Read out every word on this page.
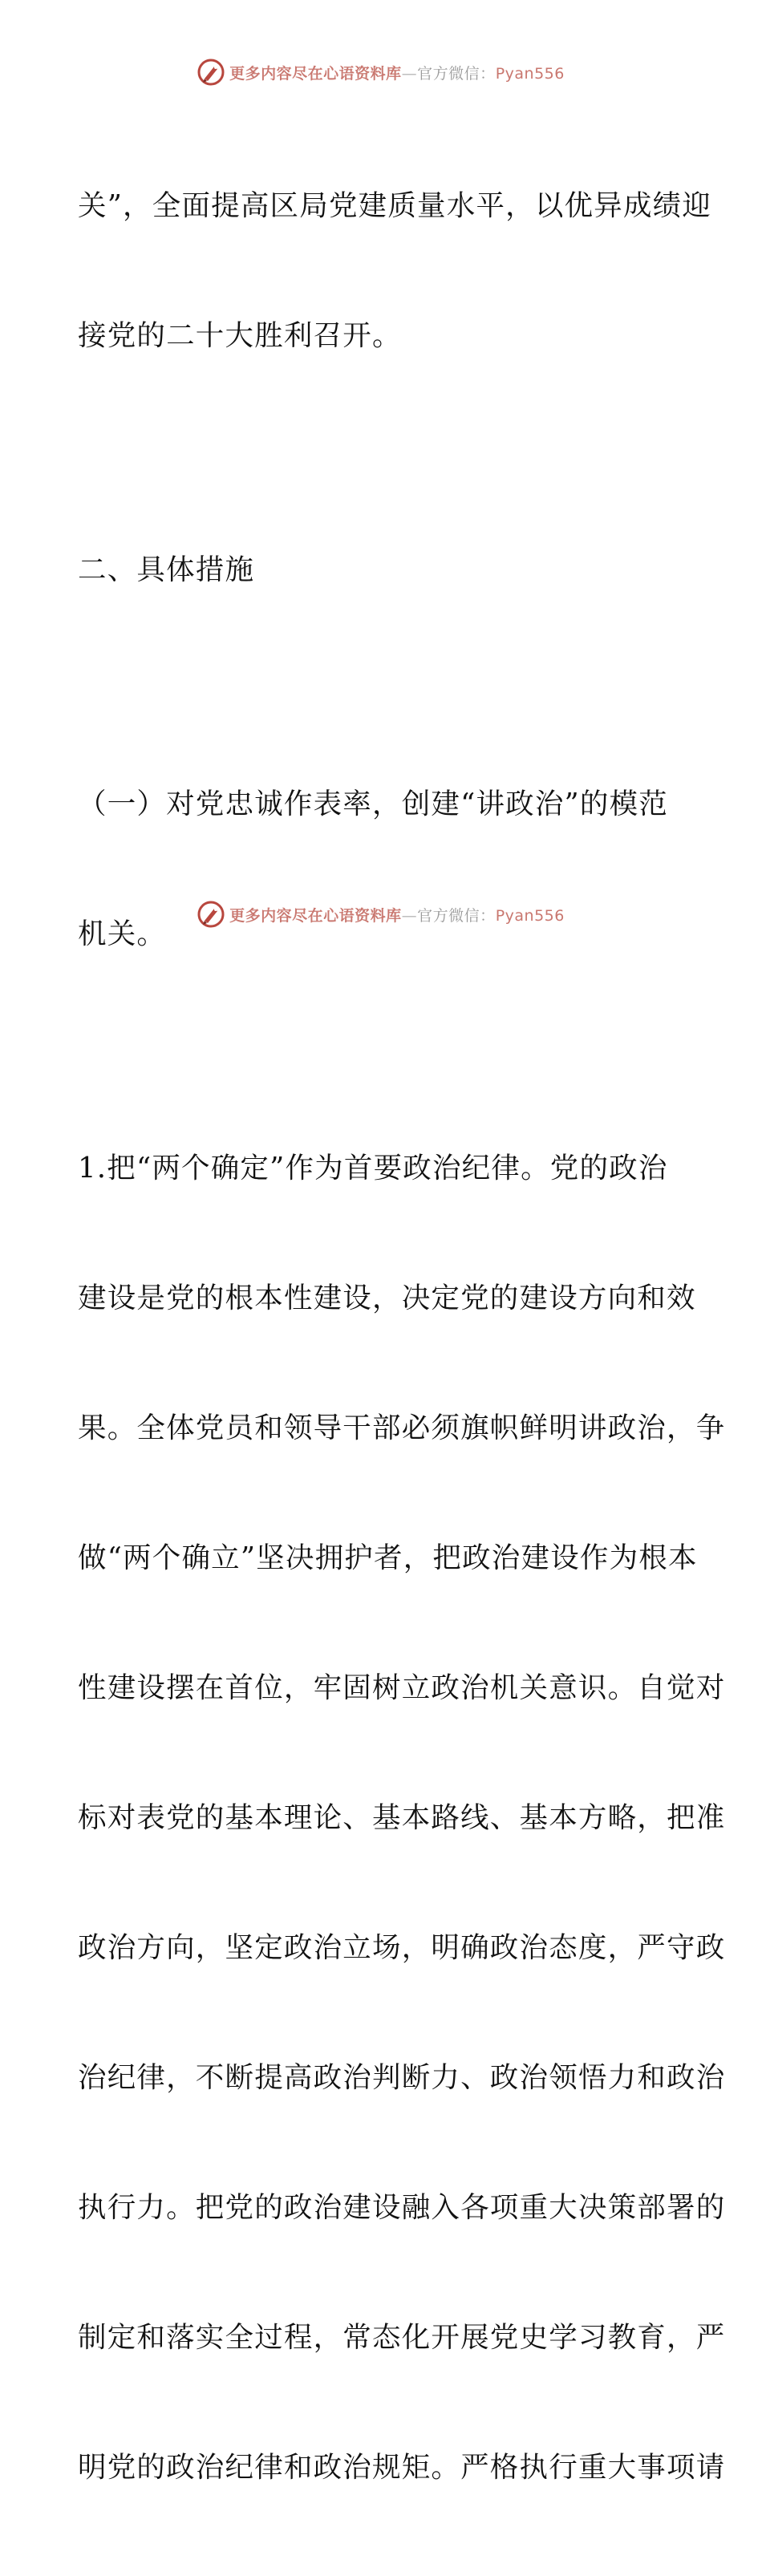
更多内容尽在心语资料库—官方微信：Pyan556

关”，全面提高区局党建质量水平，以优异成绩迎

接党的二十大胜利召开。

二、具体措施

（一）对党忠诚作表率，创建“讲政治”的模范

机关。

1.把“两个确定”作为首要政治纪律。党的政治

建设是党的根本性建设，决定党的建设方向和效

果。全体党员和领导干部必须旗帜鲜明讲政治，争

做“两个确立”坚决拥护者，把政治建设作为根本

性建设摆在首位，牢固树立政治机关意识。自觉对

标对表党的基本理论、基本路线、基本方略，把准

政治方向，坚定政治立场，明确政治态度，严守政

治纪律，不断提高政治判断力、政治领悟力和政治

执行力。把党的政治建设融入各项重大决策部署的

制定和落实全过程，常态化开展党史学习教育，严

明党的政治纪律和政治规矩。严格执行重大事项请

更多内容尽在心语资料库—官方微信：Pyan556
